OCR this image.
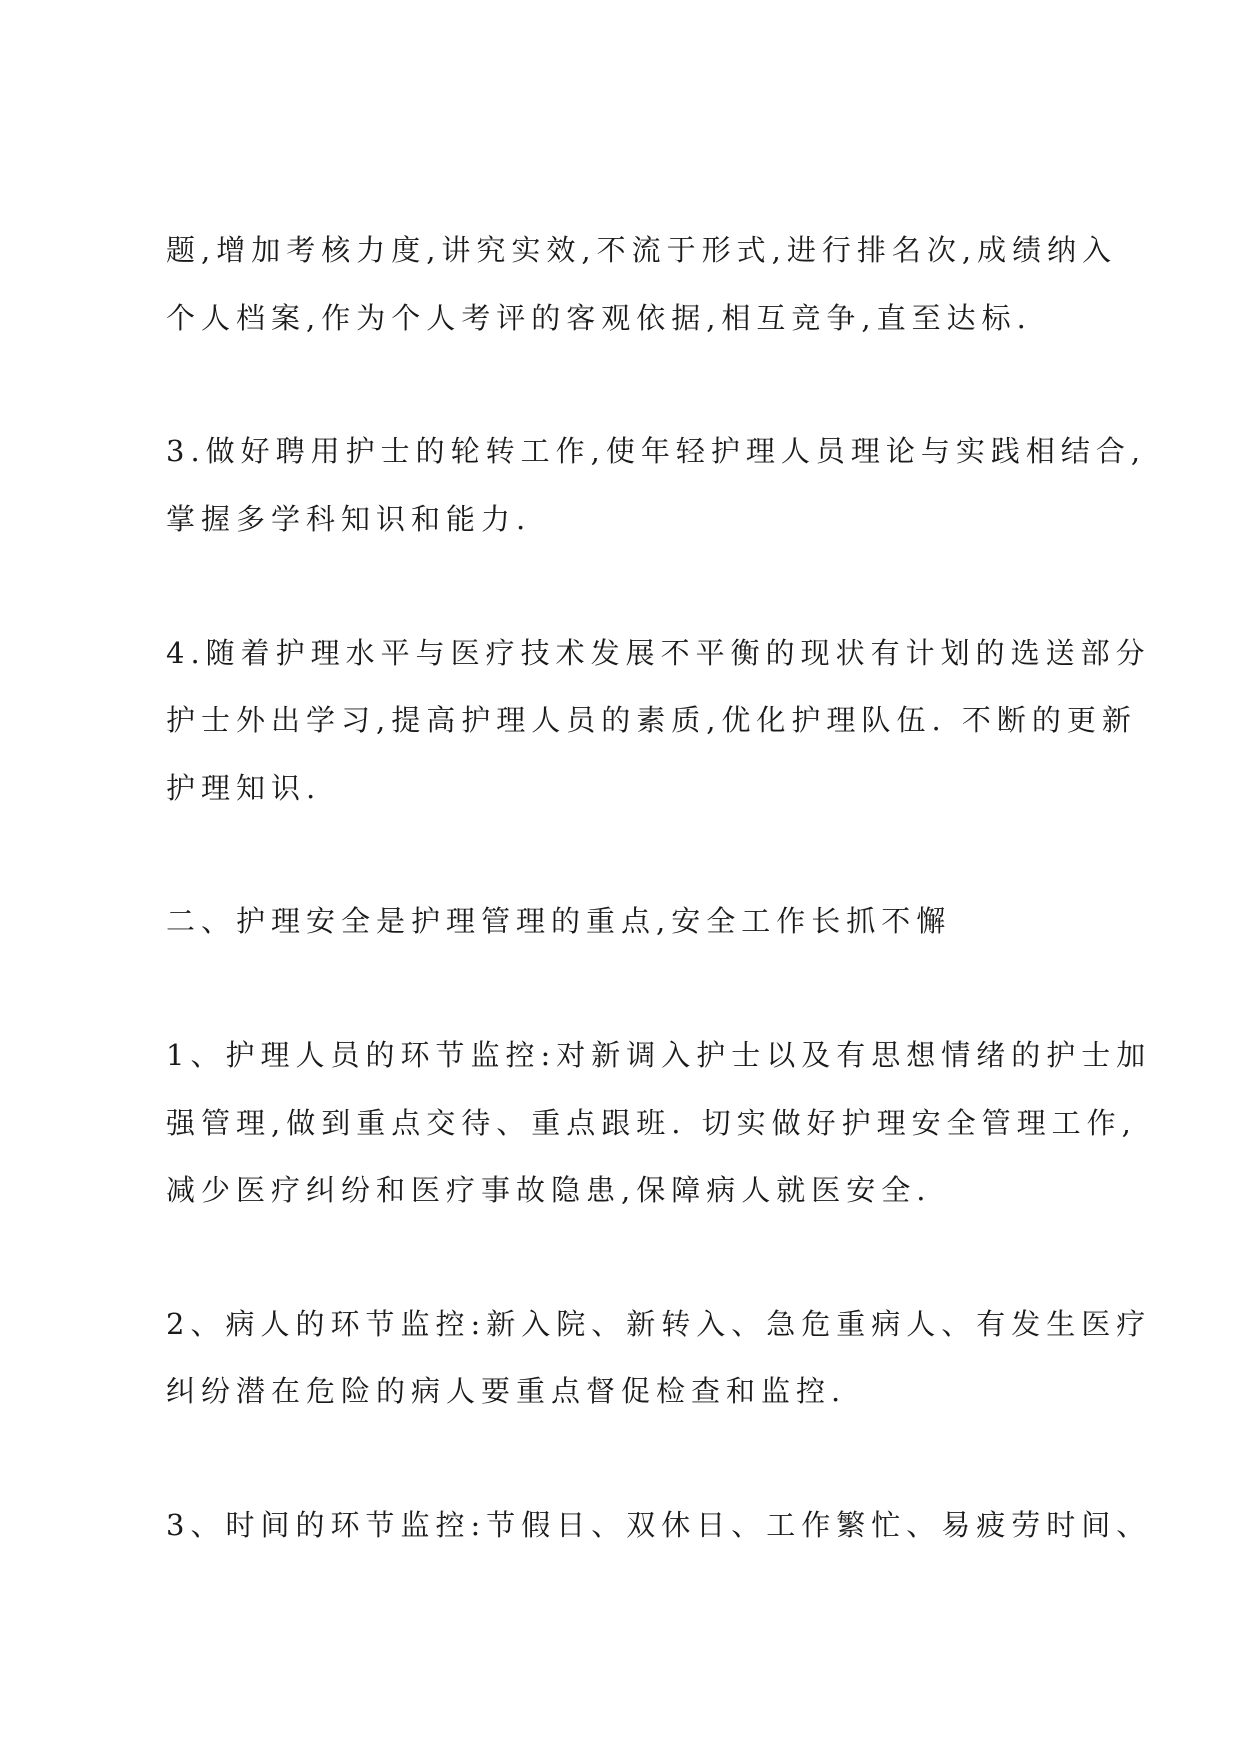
题,增加考核力度,讲究实效,不流于形式,进行排名次,成绩纳入
个人档案,作为个人考评的客观依据,相互竞争,直至达标.
3.做好聘用护士的轮转工作,使年轻护理人员理论与实践相结合,
掌握多学科知识和能力.
4.随着护理水平与医疗技术发展不平衡的现状有计划的选送部分
护士外出学习,提高护理人员的素质,优化护理队伍. 不断的更新
护理知识.
二、护理安全是护理管理的重点,安全工作长抓不懈
1、护理人员的环节监控:对新调入护士以及有思想情绪的护士加
强管理,做到重点交待、重点跟班. 切实做好护理安全管理工作,
减少医疗纠纷和医疗事故隐患,保障病人就医安全.
2、病人的环节监控:新入院、新转入、急危重病人、有发生医疗
纠纷潜在危险的病人要重点督促检查和监控.
3、时间的环节监控:节假日、双休日、工作繁忙、易疲劳时间、
